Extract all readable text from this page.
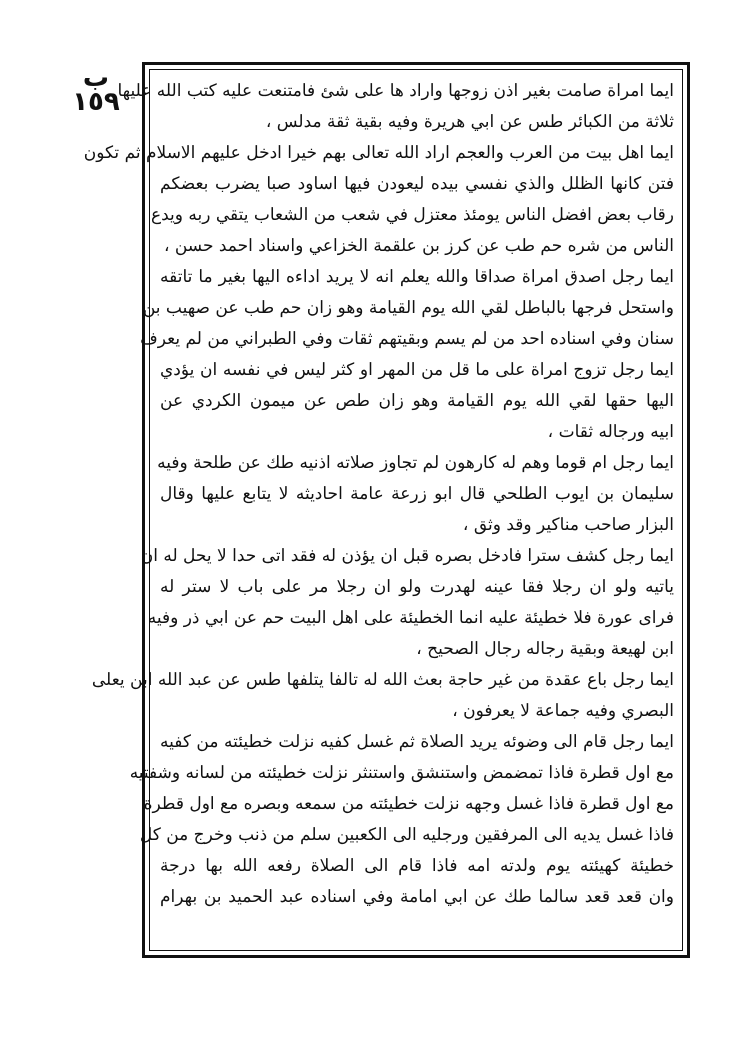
ب
١٥٩
ايما امراة صامت بغير اذن زوجها واراد ها على شئ فامتنعت عليه كتب الله عليها
ثلاثة من الكبائر طس عن ابي هريرة وفيه بقية ثقة مدلس ،
ايما اهل بيت من العرب والعجم اراد الله تعالى بهم خيرا ادخل عليهم الاسلام ثم تكون
فتن كانها الظلل والذي نفسي بيده ليعودن فيها اساود صبا يضرب بعضكم
رقاب بعض افضل الناس يومئذ معتزل في شعب من الشعاب يتقي ربه ويدع
الناس من شره حم طب عن كرز بن علقمة الخزاعي واسناد احمد حسن ،
ايما رجل اصدق امراة صداقا والله يعلم انه لا يريد اداءه اليها بغير ما تاتقه
واستحل فرجها بالباطل لقي الله يوم القيامة وهو زان حم طب عن صهيب بن
سنان وفي اسناده احد من لم يسم وبقيتهم ثقات وفي الطبراني من لم يعرف
ايما رجل تزوج امراة على ما قل من المهر او كثر ليس في نفسه ان يؤدي
اليها حقها لقي الله يوم القيامة وهو زان طص عن ميمون الكردي عن
ابيه ورجاله ثقات ،
ايما رجل ام قوما وهم له كارهون لم تجاوز صلاته اذنيه طك عن طلحة وفيه
سليمان بن ايوب الطلحي قال ابو زرعة عامة احاديثه لا يتابع عليها وقال
البزار صاحب مناكير وقد وثق ،
ايما رجل كشف سترا فادخل بصره قبل ان يؤذن له فقد اتى حدا لا يحل له ان
ياتيه ولو ان رجلا فقا عينه لهدرت ولو ان رجلا مر على باب لا ستر له
فراى عورة فلا خطيئة عليه انما الخطيئة على اهل البيت حم عن ابي ذر وفيه
ابن لهيعة وبقية رجاله رجال الصحيح ،
ايما رجل باع عقدة من غير حاجة بعث الله له تالفا يتلفها طس عن عبد الله ابن يعلى
البصري وفيه جماعة لا يعرفون ،
ايما رجل قام الى وضوئه يريد الصلاة ثم غسل كفيه نزلت خطيئته من كفيه
مع اول قطرة فاذا تمضمض واستنشق واستنثر نزلت خطيئته من لسانه وشفتيه
مع اول قطرة فاذا غسل وجهه نزلت خطيئته من سمعه وبصره مع اول قطرة
فاذا غسل يديه الى المرفقين ورجليه الى الكعبين سلم من ذنب وخرج من كل
خطيئة كهيئته يوم ولدته امه فاذا قام الى الصلاة رفعه الله بها درجة
وان قعد قعد سالما طك عن ابي امامة وفي اسناده عبد الحميد بن بهرام
